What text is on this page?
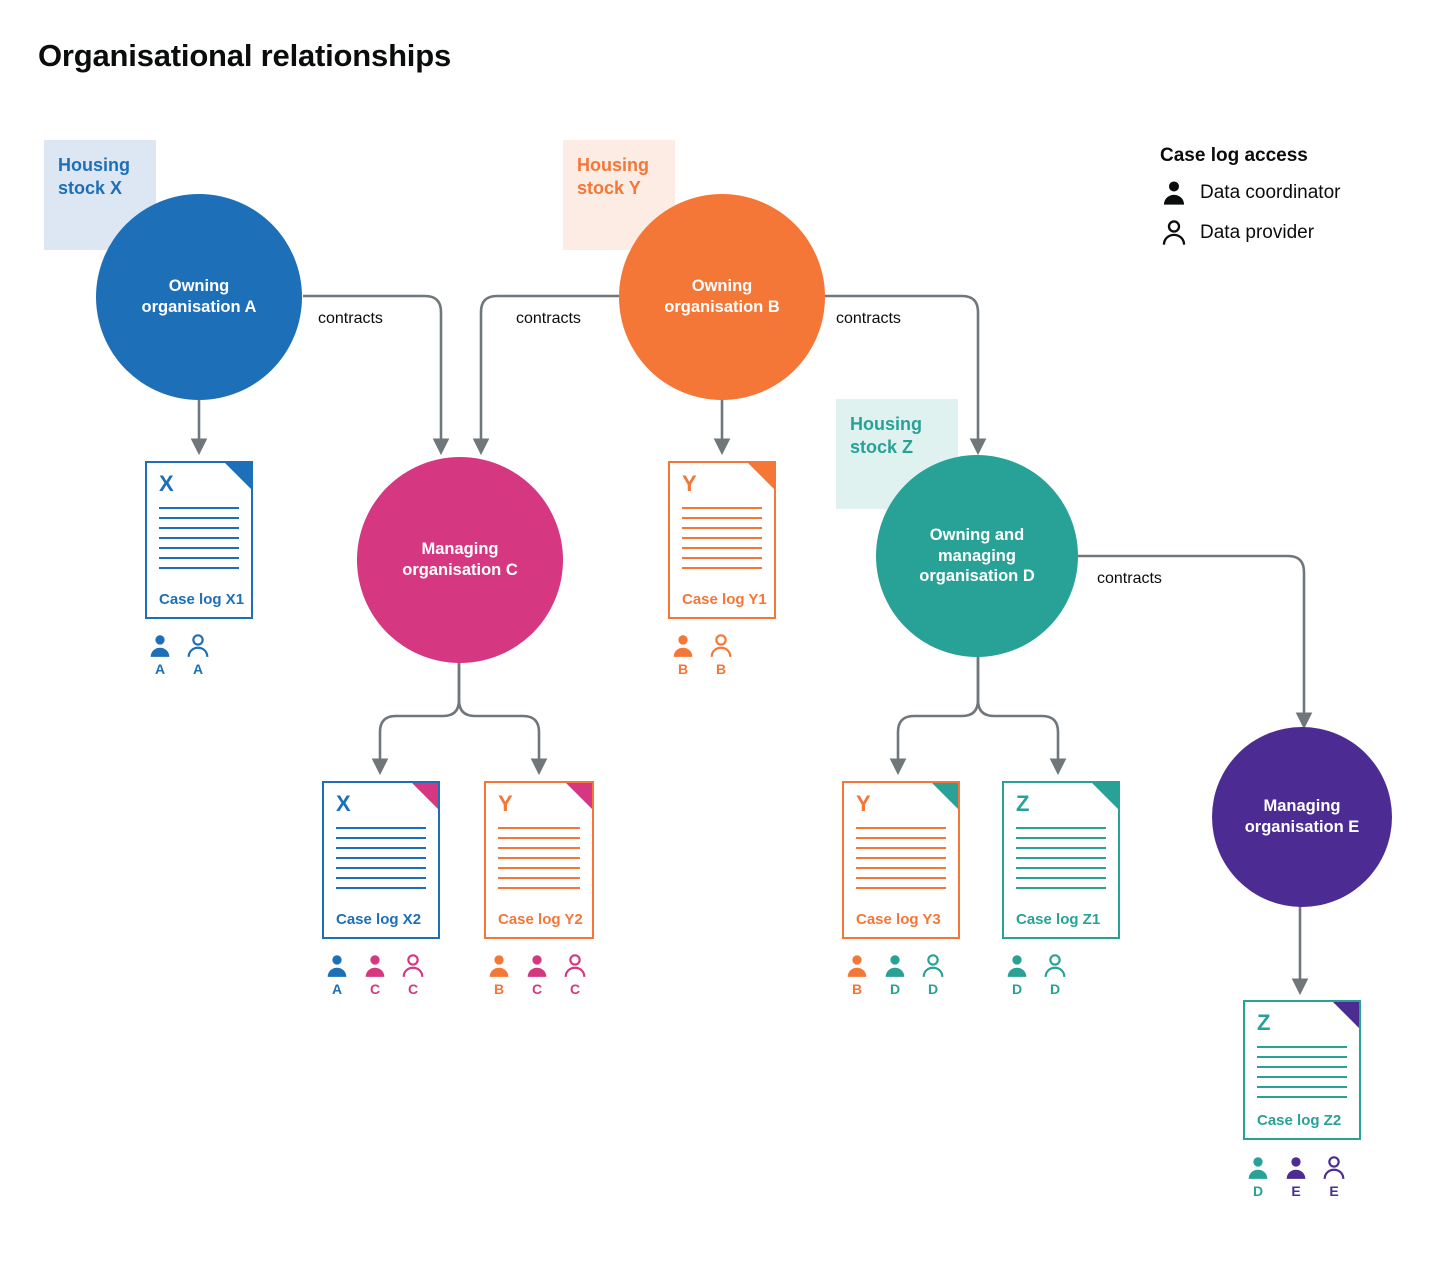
Organisational relationships
Housing
stock X
Housing
stock Y
Housing
stock Z
Owning
organisation A
Owning
organisation B
Managing
organisation C
Owning and
managing
organisation D
Managing
organisation E
contracts	contracts	contracts
contracts
X
Case log X1
A	A
Y
Case log Y1
B	B
X
Case log X2
A	C	C
Y
Case log Y2
B	C	C
Y
Case log Y3
B	D	D
Z
Case log Z1
D	D
Z
Case log Z2
D	E	E
Case log access
Data coordinator
Data provider
